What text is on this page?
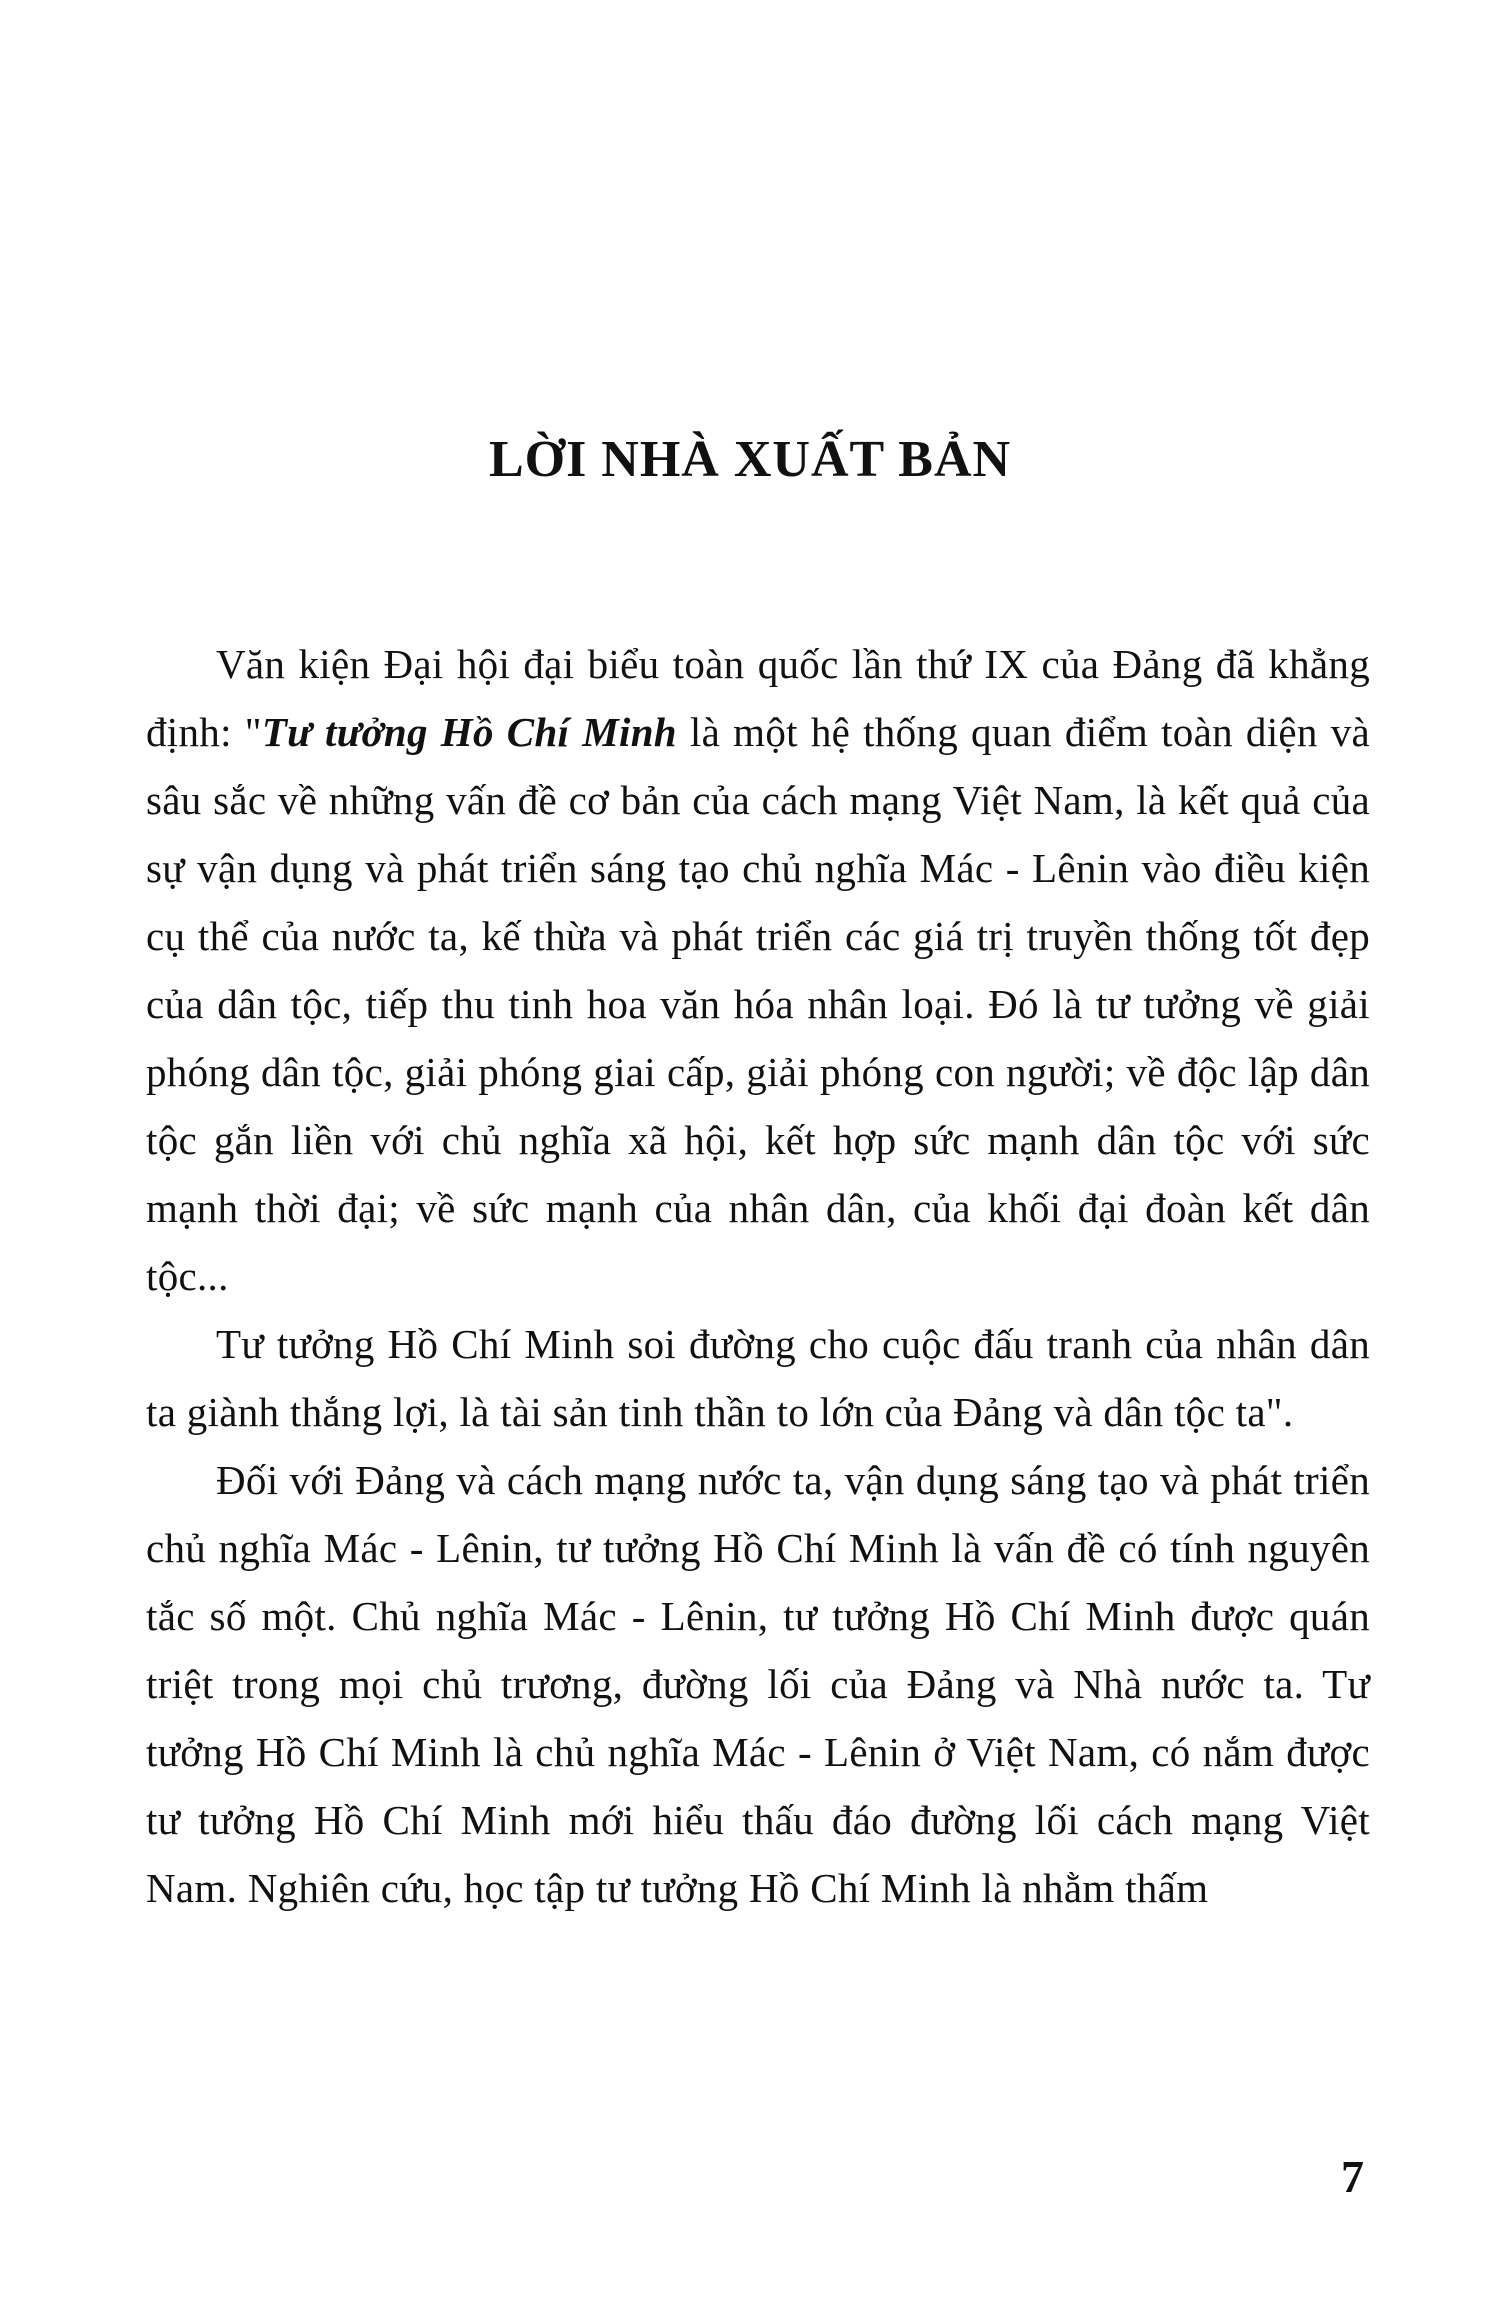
LỜI NHÀ XUẤT BẢN

Văn kiện Đại hội đại biểu toàn quốc lần thứ IX của Đảng đã khẳng định: "Tư tưởng Hồ Chí Minh là một hệ thống quan điểm toàn diện và sâu sắc về những vấn đề cơ bản của cách mạng Việt Nam, là kết quả của sự vận dụng và phát triển sáng tạo chủ nghĩa Mác - Lênin vào điều kiện cụ thể của nước ta, kế thừa và phát triển các giá trị truyền thống tốt đẹp của dân tộc, tiếp thu tinh hoa văn hóa nhân loại. Đó là tư tưởng về giải phóng dân tộc, giải phóng giai cấp, giải phóng con người; về độc lập dân tộc gắn liền với chủ nghĩa xã hội, kết hợp sức mạnh dân tộc với sức mạnh thời đại; về sức mạnh của nhân dân, của khối đại đoàn kết dân tộc...

Tư tưởng Hồ Chí Minh soi đường cho cuộc đấu tranh của nhân dân ta giành thắng lợi, là tài sản tinh thần to lớn của Đảng và dân tộc ta".

Đối với Đảng và cách mạng nước ta, vận dụng sáng tạo và phát triển chủ nghĩa Mác - Lênin, tư tưởng Hồ Chí Minh là vấn đề có tính nguyên tắc số một. Chủ nghĩa Mác - Lênin, tư tưởng Hồ Chí Minh được quán triệt trong mọi chủ trương, đường lối của Đảng và Nhà nước ta. Tư tưởng Hồ Chí Minh là chủ nghĩa Mác - Lênin ở Việt Nam, có nắm được tư tưởng Hồ Chí Minh mới hiểu thấu đáo đường lối cách mạng Việt Nam. Nghiên cứu, học tập tư tưởng Hồ Chí Minh là nhằm thấm

7
